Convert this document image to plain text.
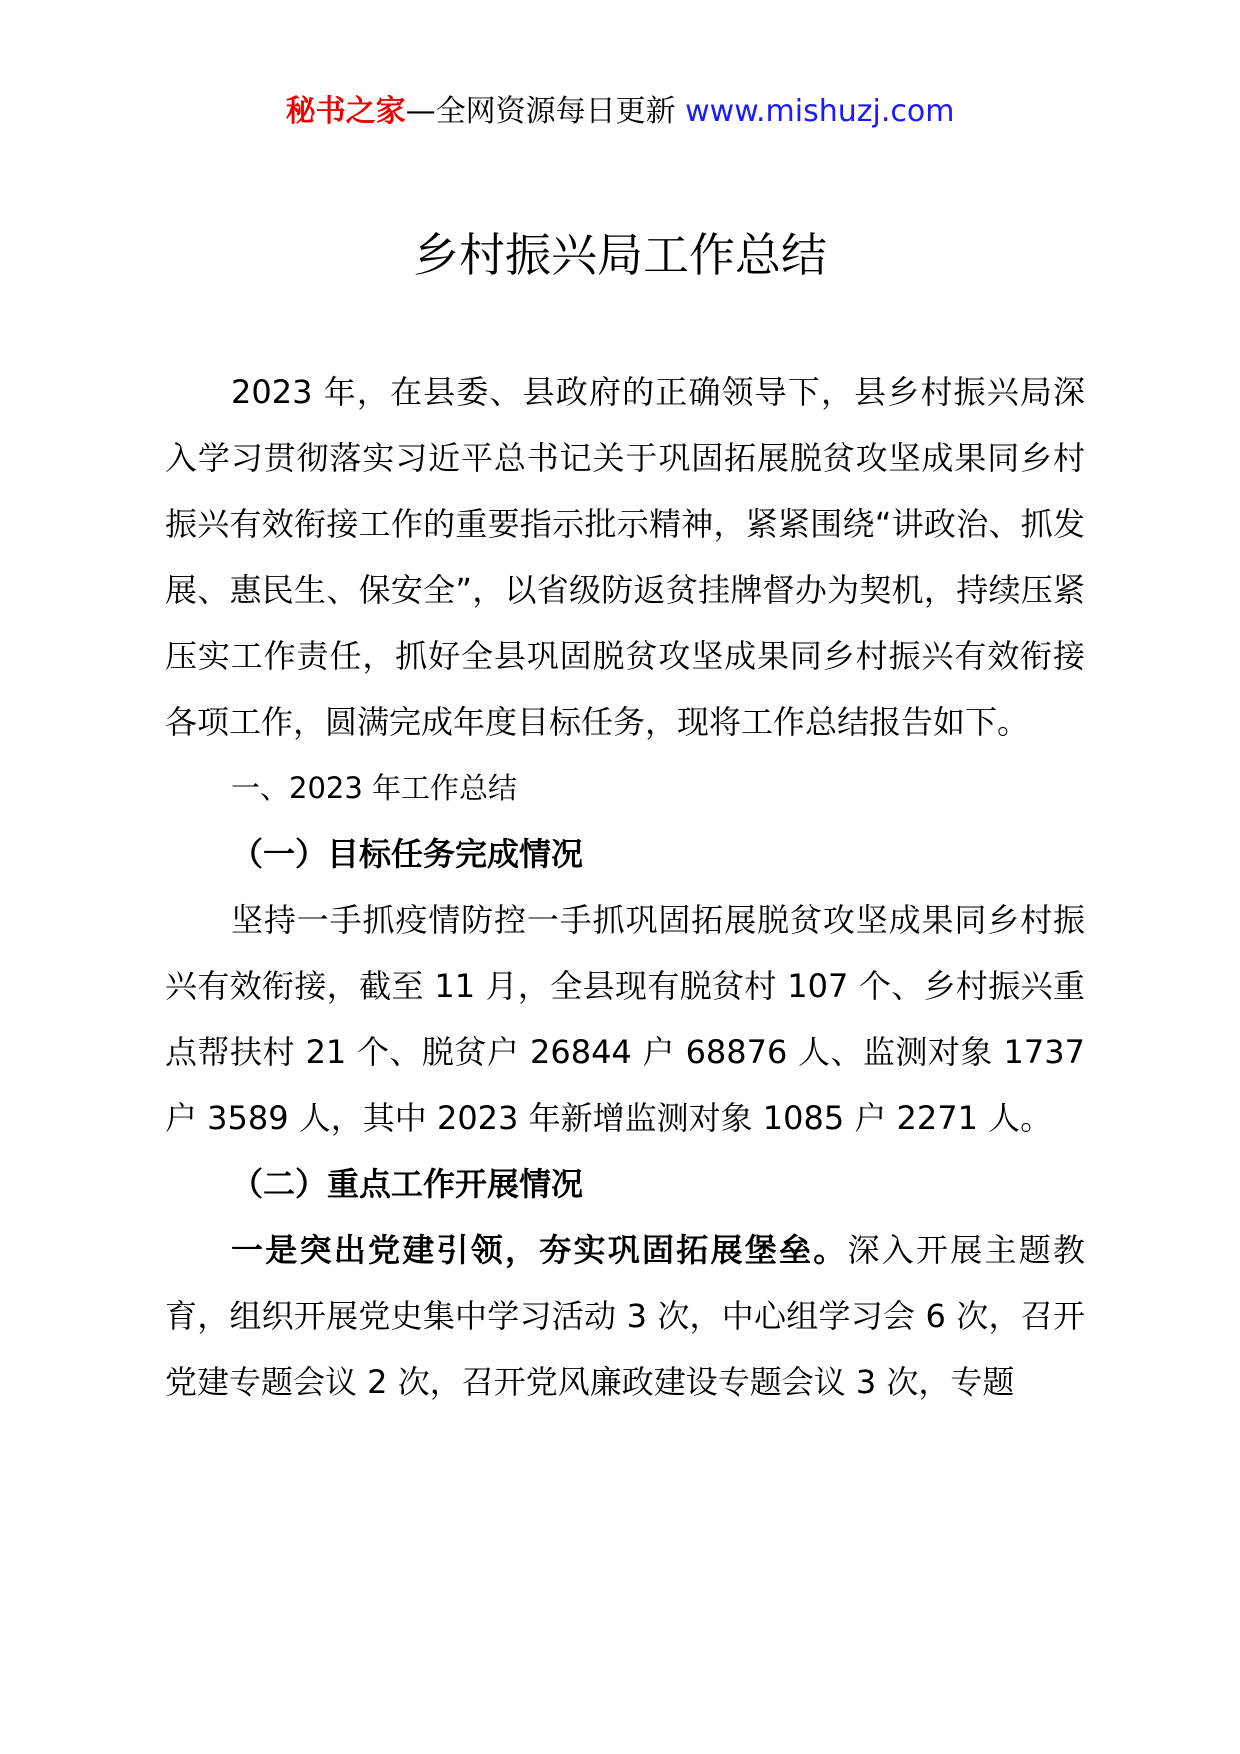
秘书之家—全网资源每日更新 www.mishuzj.com
乡村振兴局工作总结

2023 年，在县委、县政府的正确领导下，县乡村振兴局深入学习贯彻落实习近平总书记关于巩固拓展脱贫攻坚成果同乡村振兴有效衔接工作的重要指示批示精神，紧紧围绕“讲政治、抓发展、惠民生、保安全”，以省级防返贫挂牌督办为契机，持续压紧压实工作责任，抓好全县巩固脱贫攻坚成果同乡村振兴有效衔接各项工作，圆满完成年度目标任务，现将工作总结报告如下。

一、2023 年工作总结

（一）目标任务完成情况

坚持一手抓疫情防控一手抓巩固拓展脱贫攻坚成果同乡村振兴有效衔接，截至 11 月，全县现有脱贫村 107 个、乡村振兴重点帮扶村 21 个、脱贫户 26844 户 68876 人、监测对象 1737 户 3589 人，其中 2023 年新增监测对象 1085 户 2271 人。

（二）重点工作开展情况

一是突出党建引领，夯实巩固拓展堡垒。深入开展主题教育，组织开展党史集中学习活动 3 次，中心组学习会 6 次，召开党建专题会议 2 次，召开党风廉政建设专题会议 3 次，专题
